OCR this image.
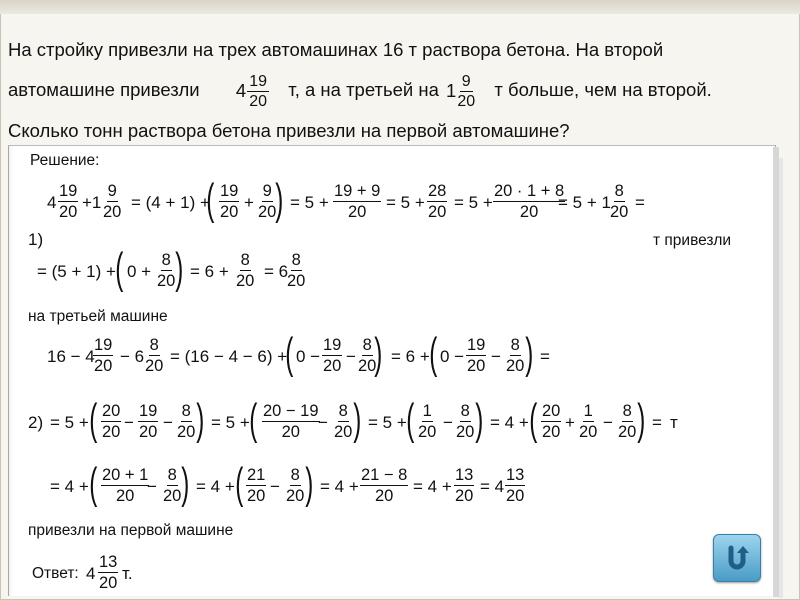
На стройку привезли на трех автомашинах 16 т раствора бетона. На второй
автомашине привезли $4 \frac{19}{20} т$, а на третьей на $1 \frac{9}{20}$ т больше, чем на второй.
Сколько тонн раствора бетона привезли на первой автомашине?
Решение:
4
19
20 +1
9
20 = (4 + 1) +
( 19
20 +
9
20
) = 5 +
19 + 9
20 = 5 +
28
20 = 5 +
20 · 1 + 8
20 = 5 + 1
8
20 =
1)	т привезли
= (5 + 1) + ( 0 +
8
20 ) = 6 +
8
20 = 6
8
20
на третьей машине
16 − 4
19
20 − 6
8
20 = (16 − 4 − 6) +
( 0 −
19
20 −
8
20
) = 6 + ( 0 −
19
20 −
8
20 ) =
2) = 5 + ( 20
20 −
19
20 −
8
20 ) = 5 + ( 20 − 19
20 −
8
20 ) = 5 + ( 1
20 −
8
20 ) = 4 + ( 20
20 +
1
20 −
8
20 ) = т
= 4 + ( 20 + 1
20 −
8
20 ) = 4 + ( 21
20 −
8
20 ) = 4 +
21 − 8
20 = 4 +
13
20 = 4
13
20
привезли на первой машине
Ответ: $4 \frac{13}{20} т$.
